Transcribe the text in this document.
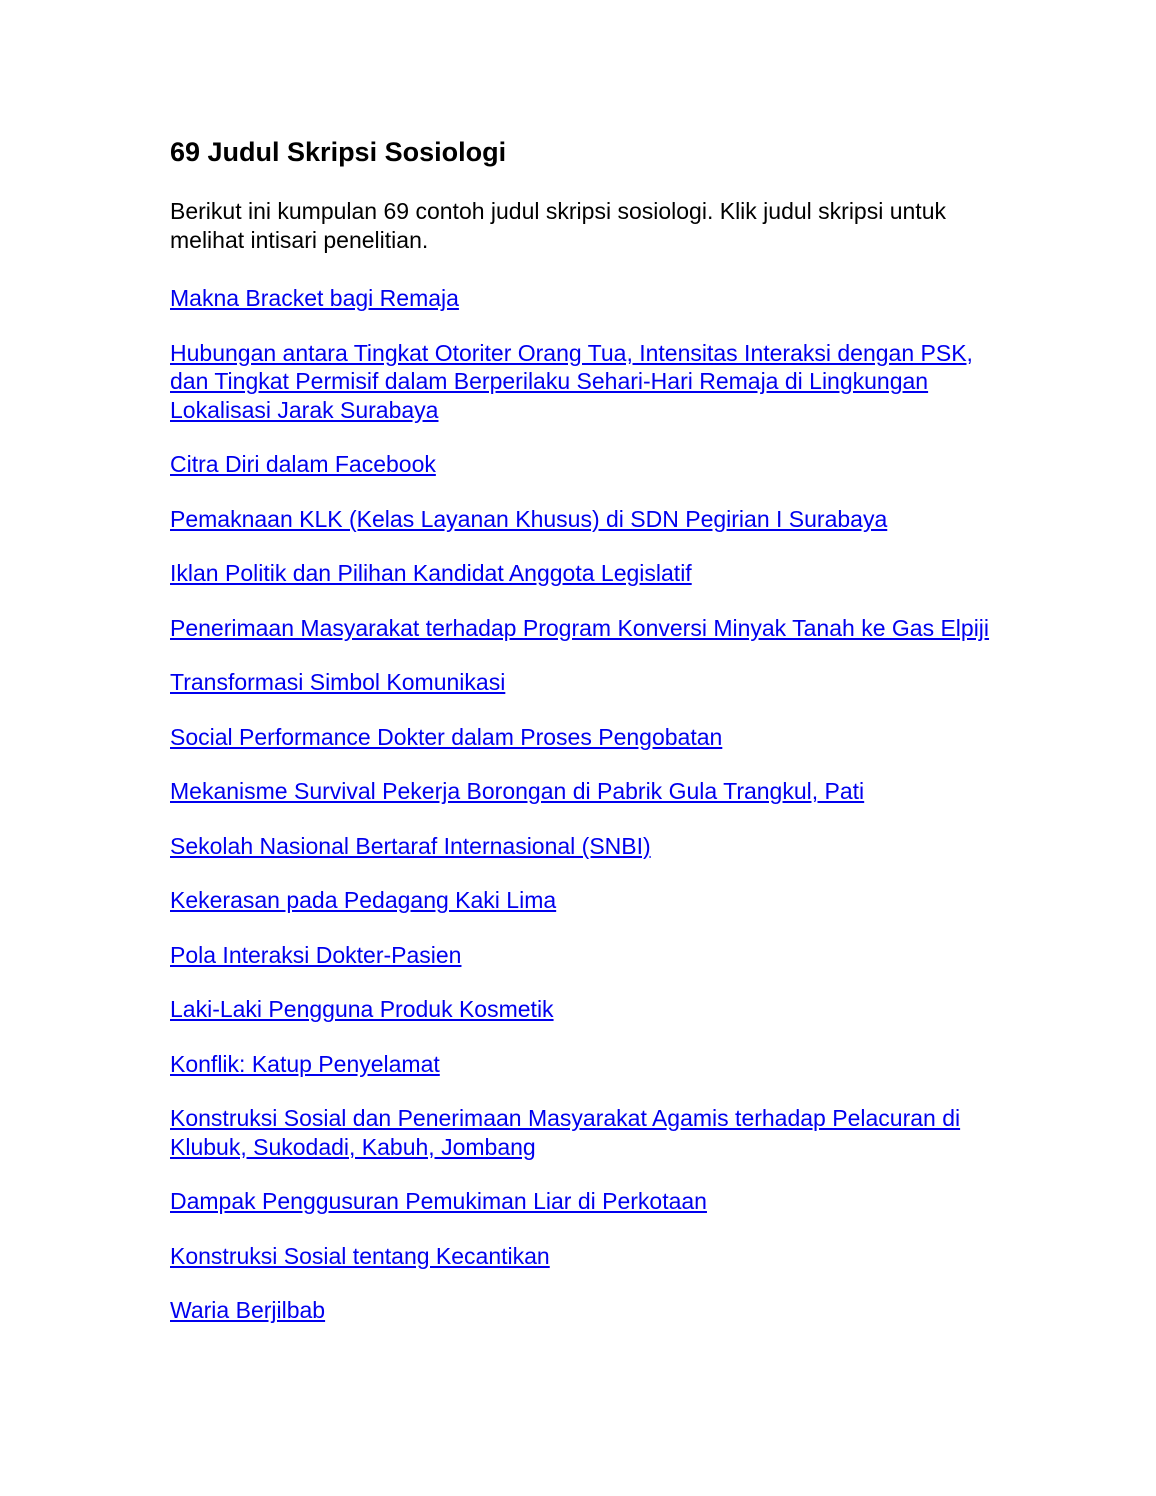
69 Judul Skripsi Sosiologi

Berikut ini kumpulan 69 contoh judul skripsi sosiologi. Klik judul skripsi untuk melihat intisari penelitian.

Makna Bracket bagi Remaja
Hubungan antara Tingkat Otoriter Orang Tua, Intensitas Interaksi dengan PSK, dan Tingkat Permisif dalam Berperilaku Sehari-Hari Remaja di Lingkungan Lokalisasi Jarak Surabaya
Citra Diri dalam Facebook
Pemaknaan KLK (Kelas Layanan Khusus) di SDN Pegirian I Surabaya
Iklan Politik dan Pilihan Kandidat Anggota Legislatif
Penerimaan Masyarakat terhadap Program Konversi Minyak Tanah ke Gas Elpiji
Transformasi Simbol Komunikasi
Social Performance Dokter dalam Proses Pengobatan
Mekanisme Survival Pekerja Borongan di Pabrik Gula Trangkul, Pati
Sekolah Nasional Bertaraf Internasional (SNBI)
Kekerasan pada Pedagang Kaki Lima
Pola Interaksi Dokter-Pasien
Laki-Laki Pengguna Produk Kosmetik
Konflik: Katup Penyelamat
Konstruksi Sosial dan Penerimaan Masyarakat Agamis terhadap Pelacuran di Klubuk, Sukodadi, Kabuh, Jombang
Dampak Penggusuran Pemukiman Liar di Perkotaan
Konstruksi Sosial tentang Kecantikan
Waria Berjilbab
